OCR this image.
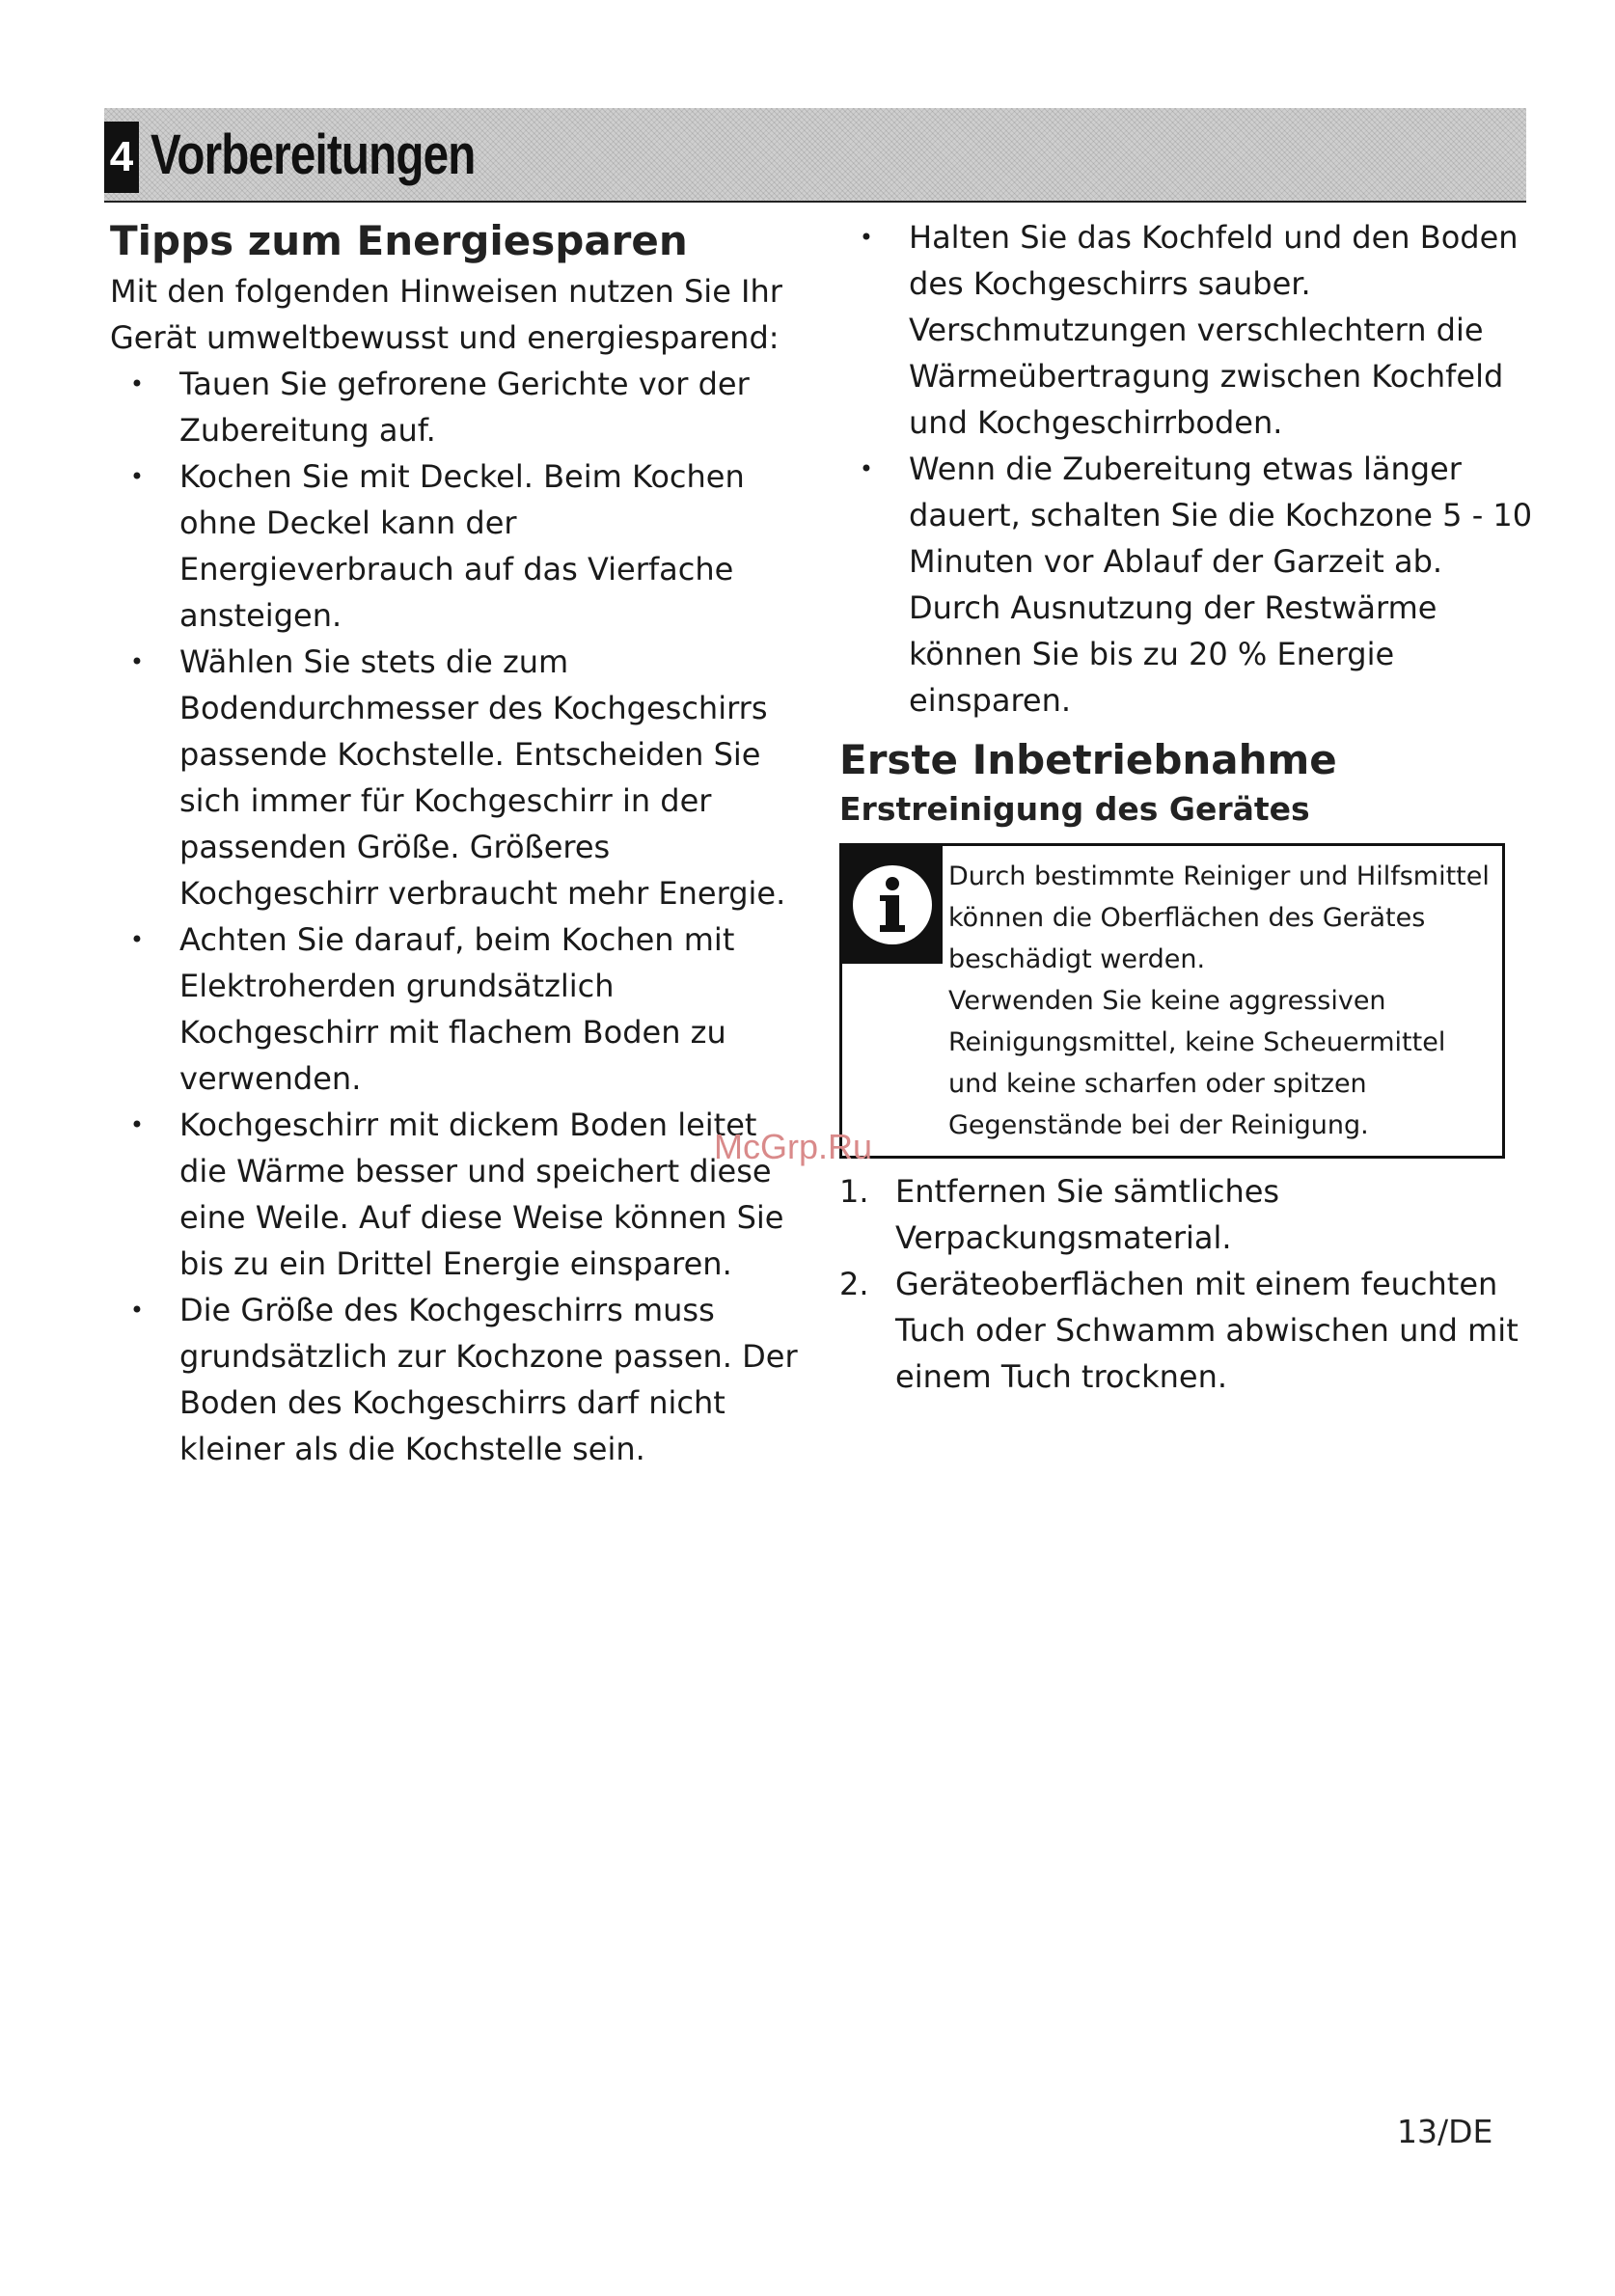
4 Vorbereitungen
Tipps zum Energiesparen

Mit den folgenden Hinweisen nutzen Sie Ihr Gerät umweltbewusst und energiesparend:

•	Tauen Sie gefrorene Gerichte vor der Zubereitung auf.
•	Kochen Sie mit Deckel. Beim Kochen ohne Deckel kann der Energieverbrauch auf das Vierfache ansteigen.
•	Wählen Sie stets die zum Bodendurchmesser des Kochgeschirrs passende Kochstelle. Entscheiden Sie sich immer für Kochgeschirr in der passenden Größe. Größeres Kochgeschirr verbraucht mehr Energie.
•	Achten Sie darauf, beim Kochen mit Elektroherden grundsätzlich Kochgeschirr mit flachem Boden zu verwenden.
•	Kochgeschirr mit dickem Boden leitet die Wärme besser und speichert diese eine Weile. Auf diese Weise können Sie bis zu ein Drittel Energie einsparen.
•	Die Größe des Kochgeschirrs muss grundsätzlich zur Kochzone passen. Der Boden des Kochgeschirrs darf nicht kleiner als die Kochstelle sein.
•	Halten Sie das Kochfeld und den Boden des Kochgeschirrs sauber. Verschmutzungen verschlechtern die Wärmeübertragung zwischen Kochfeld und Kochgeschirrboden.
•	Wenn die Zubereitung etwas länger dauert, schalten Sie die Kochzone 5 - 10 Minuten vor Ablauf der Garzeit ab. Durch Ausnutzung der Restwärme können Sie bis zu 20 % Energie einsparen.
Erste Inbetriebnahme
Erstreinigung des Gerätes

Durch bestimmte Reiniger und Hilfsmittel können die Oberflächen des Gerätes beschädigt werden.

Verwenden Sie keine aggressiven Reinigungsmittel, keine Scheuermittel und keine scharfen oder spitzen Gegenstände bei der Reinigung.

1. Entfernen Sie sämtliches Verpackungsmaterial.
2. Geräteoberflächen mit einem feuchten Tuch oder Schwamm abwischen und mit einem Tuch trocknen.
McGrp.Ru
13/DE
